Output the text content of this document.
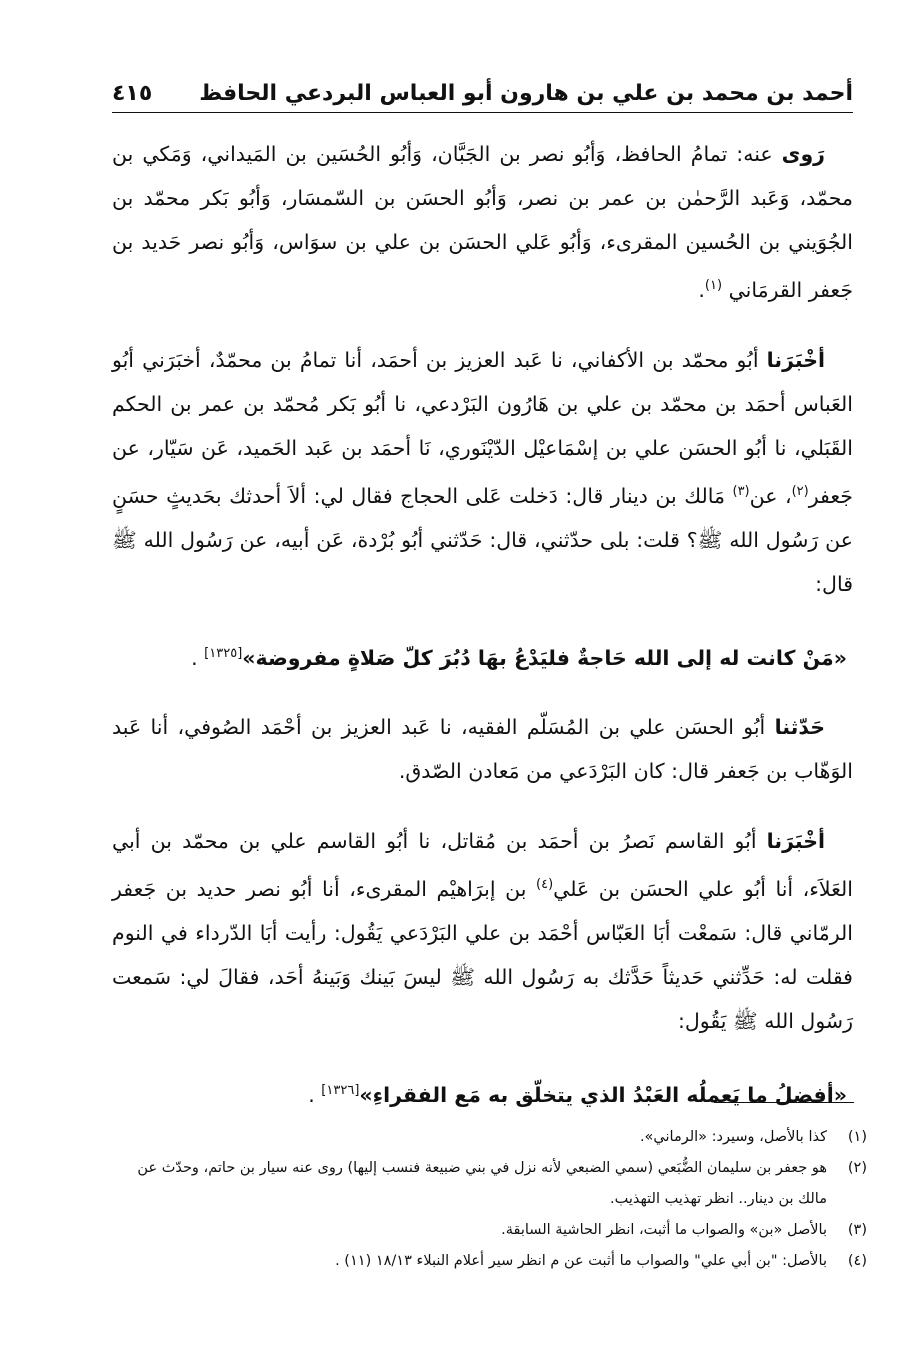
٤١٥ أحمد بن محمد بن علي بن هارون أبو العباس البردعي الحافظ

رَوى عنه: تمامُ الحافظ، وَأبُو نصر بن الجَبَّان، وَأبُو الحُسَين بن المَيداني، وَمَكي بن محمّد، وَعَبد الرَّحمٰن بن عمر بن نصر، وَأبُو الحسَن بن السّمسَار، وَأبُو بَكر محمّد بن الجُوَيني بن الحُسين المقرىء، وَأبُو عَلي الحسَن بن علي بن سوَاس، وَأبُو نصر حَديد بن جَعفر القرمَاني $^{(١)}$.

أخْبَرَنا أبُو محمّد بن الأكفاني، نا عَبد العزيز بن أحمَد، أنا تمامُ بن محمّدٌ، أخبَرَني أبُو العَباس أحمَد بن محمّد بن علي بن هَارُون البَرْدعي، نا أبُو بَكر مُحمّد بن عمر بن الحكم القَبَلي، نا أبُو الحسَن علي بن إسْمَاعيْل الدّيْنَوري، نَا أحمَد بن عَبد الحَميد، عَن سَيّار، عن جَعفر$^{(٢)}$، عن$^{(٣)}$ مَالك بن دينار قال: دَخلت عَلى الحجاج فقال لي: ألاَ أحدثك بحَديثٍ حسَنٍ عن رَسُول الله ﷺ؟ قلت: بلى حدّثني، قال: حَدّثني أبُو بُرْدة، عَن أبيه، عن رَسُول الله ﷺ قال:

«مَنْ كانت له إلى الله حَاجةٌ فليَدْعُ بهَا دُبُرَ كلّ صَلاةٍ مفروضة»[١٣٢٥] .

حَدّثنا أبُو الحسَن علي بن المُسَلّم الفقيه، نا عَبد العزيز بن أحْمَد الصُوفي، أنا عَبد الوَهّاب بن جَعفر قال: كان البَرْدَعي من مَعادن الصّدق.

أخْبَرَنا أبُو القاسم نَصرُ بن أحمَد بن مُقاتل، نا أبُو القاسم علي بن محمّد بن أبي العَلاَء، أنا أبُو علي الحسَن بن عَلي$^{(٤)}$ بن إبرَاهيْم المقرىء، أنا أبُو نصر حديد بن جَعفر الرمّاني قال: سَمعْت أبَا العَبّاس أحْمَد بن علي البَرْدَعي يَقُول: رأيت أبَا الدّرداء في النوم فقلت له: حَدِّثني حَديثاً حَدَّثك به رَسُول الله ﷺ ليسَ بَينك وَبَينهُ أحَد، فقالَ لي: سَمعت رَسُول الله ﷺ يَقُول:

«أفضلُ ما يَعملُه العَبْدُ الذي يتخلّق به مَع الفقراءِ»[١٣٢٦] .

(١)
كذا بالأصل، وسيرد: «الرماني».
(٢)
هو جعفر بن سليمان الضُّبَعي (سمي الضبعي لأنه نزل في بني ضبيعة فنسب إليها) روى عنه سيار بن حاتم، وحدّث عن مالك بن دينار.. انظر تهذيب التهذيب.
(٣)
بالأصل «بن» والصواب ما أثبت، انظر الحاشية السابقة.
(٤)
بالأصل: "بن أبي علي" والصواب ما أثبت عن م انظر سير أعلام النبلاء ١٨/١٣ (١١) .
